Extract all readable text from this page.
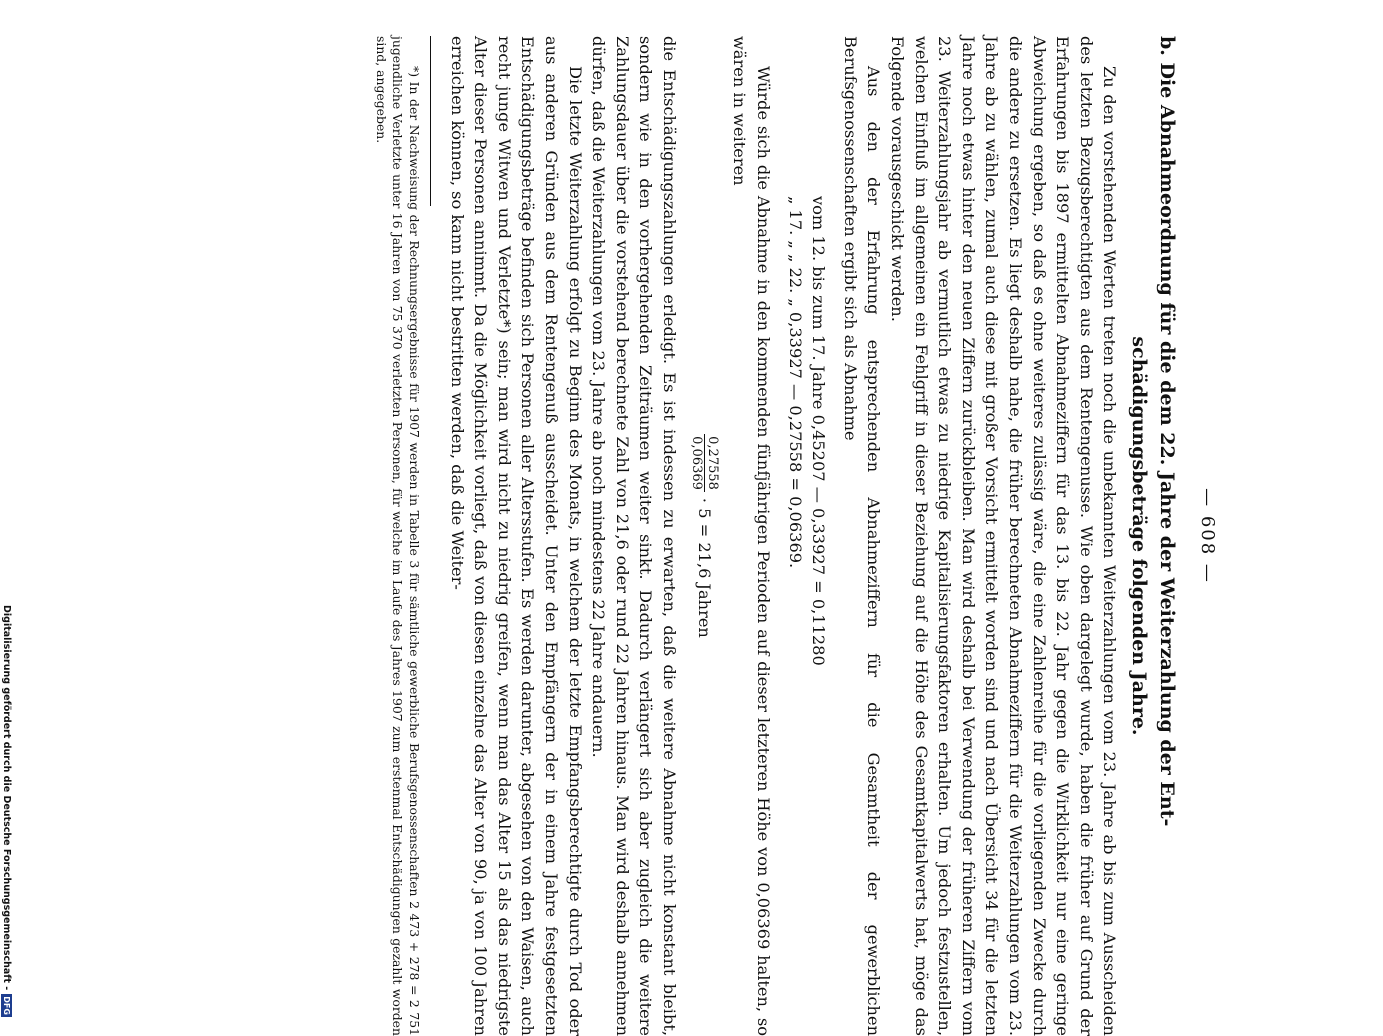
— 608 —
b. Die Abnahmeordnung für die dem 22. Jahre der Weiterzahlung der Ent-
schädigungsbeträge folgenden Jahre.

Zu den vorstehenden Werten treten noch die unbekannten Weiterzahlungen vom 23. Jahre ab bis zum Ausscheiden des letzten Bezugsberechtigten aus dem Rentengenusse. Wie oben dargelegt wurde, haben die früher auf Grund der Erfahrungen bis 1897 ermittelten Abnahmeziffern für das 13. bis 22. Jahr gegen die Wirklichkeit nur eine geringe Abweichung ergeben, so daß es ohne weiteres zulässig wäre, die eine Zahlenreihe für die vorliegenden Zwecke durch die andere zu ersetzen. Es liegt deshalb nahe, die früher berechneten Abnahmeziffern für die Weiterzahlungen vom 23. Jahre ab zu wählen, zumal auch diese mit großer Vorsicht ermittelt worden sind und nach Übersicht 34 für die letzten Jahre noch etwas hinter den neuen Ziffern zurückbleiben. Man wird deshalb bei Verwendung der früheren Ziffern vom 23. Weiterzahlungsjahr ab vermutlich etwas zu niedrige Kapitalisierungsfaktoren erhalten. Um jedoch festzustellen, welchen Einfluß im allgemeinen ein Fehlgriff in dieser Beziehung auf die Höhe des Gesamtkapitalwerts hat, möge das Folgende vorausgeschickt werden.

Aus den der Erfahrung entsprechenden Abnahmeziffern für die Gesamtheit der gewerblichen Berufsgenossenschaften ergibt sich als Abnahme

vom 12. bis zum 17. Jahre 0,45207 — 0,33927 = 0,11280
„ 17. „ „ 22. „ 0,33927 — 0,27558 = 0,06369.

Würde sich die Abnahme in den kommenden fünfjährigen Perioden auf dieser letzteren Höhe von 0,06369 halten, so wären in weiteren

0,27558
0,06369
· 5 = 21,6 Jahren

die Entschädigungszahlungen erledigt. Es ist indessen zu erwarten, daß die weitere Abnahme nicht konstant bleibt, sondern wie in den vorhergehenden Zeiträumen weiter sinkt. Dadurch verlängert sich aber zugleich die weitere Zahlungsdauer über die vorstehend berechnete Zahl von 21,6 oder rund 22 Jahren hinaus. Man wird deshalb annehmen dürfen, daß die Weiterzahlungen vom 23. Jahre ab noch mindestens 22 Jahre andauern.

Die letzte Weiterzahlung erfolgt zu Beginn des Monats, in welchem der letzte Empfangsberechtigte durch Tod oder aus anderen Gründen aus dem Rentengenuß ausscheidet. Unter den Empfängern der in einem Jahre festgesetzten Entschädigungsbeträge befinden sich Personen aller Altersstufen. Es werden darunter, abgesehen von den Waisen, auch recht junge Witwen und Verletzte*) sein; man wird nicht zu niedrig greifen, wenn man das Alter 15 als das niedrigste Alter dieser Personen annimmt. Da die Möglichkeit vorliegt, daß von diesen einzelne das Alter von 90, ja von 100 Jahren erreichen können, so kann nicht bestritten werden, daß die Weiter-

*) In der Nachweisung der Rechnungsergebnisse für 1907 werden in Tabelle 3 für sämtliche gewerbliche Berufsgenossenschaften 2 473 + 278 = 2 751 jugendliche Verletzte unter 16 Jahren von 75 370 verletzten Personen, für welche im Laufe des Jahres 1907 zum erstenmal Entschädigungen gezahlt worden sind, angegeben.

Digitalisierung gefördert durch die Deutsche Forschungsgemeinschaft -
DFG
